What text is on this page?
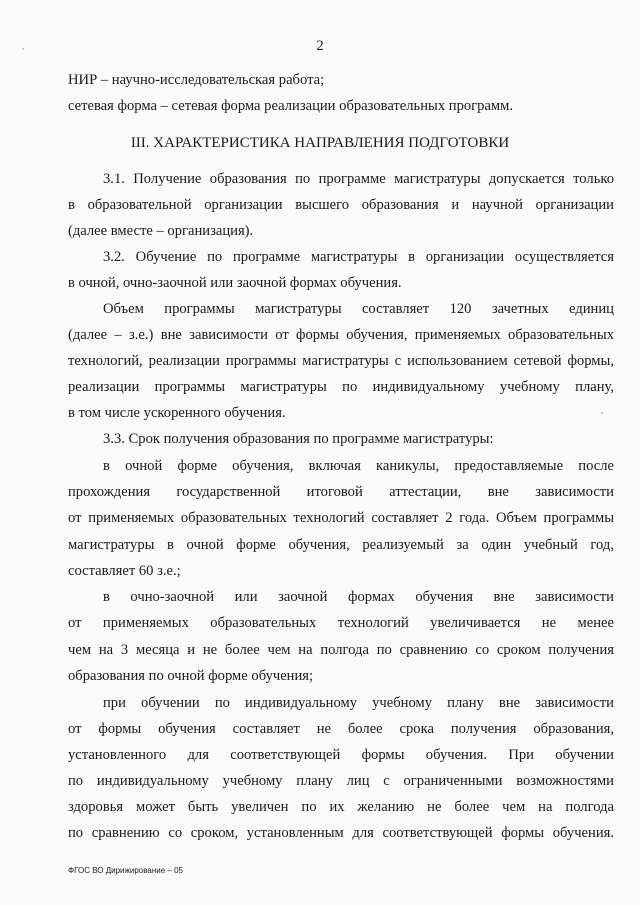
2
НИР – научно-исследовательская работа;
сетевая форма – сетевая форма реализации образовательных программ.
III. ХАРАКТЕРИСТИКА НАПРАВЛЕНИЯ ПОДГОТОВКИ
3.1. Получение образования по программе магистратуры допускается только
в образовательной организации высшего образования и научной организации
(далее вместе – организация).
3.2. Обучение по программе магистратуры в организации осуществляется
в очной, очно-заочной или заочной формах обучения.
Объем программы магистратуры составляет 120 зачетных единиц
(далее – з.е.) вне зависимости от формы обучения, применяемых образовательных
технологий, реализации программы магистратуры с использованием сетевой формы,
реализации программы магистратуры по индивидуальному учебному плану,
в том числе ускоренного обучения.
3.3. Срок получения образования по программе магистратуры:
в очной форме обучения, включая каникулы, предоставляемые после
прохождения государственной итоговой аттестации, вне зависимости
от применяемых образовательных технологий составляет 2 года. Объем программы
магистратуры в очной форме обучения, реализуемый за один учебный год,
составляет 60 з.е.;
в очно-заочной или заочной формах обучения вне зависимости
от применяемых образовательных технологий увеличивается не менее
чем на 3 месяца и не более чем на полгода по сравнению со сроком получения
образования по очной форме обучения;
при обучении по индивидуальному учебному плану вне зависимости
от формы обучения составляет не более срока получения образования,
установленного для соответствующей формы обучения. При обучении
по индивидуальному учебному плану лиц с ограниченными возможностями
здоровья может быть увеличен по их желанию не более чем на полгода
по сравнению со сроком, установленным для соответствующей формы обучения.
ФГОС ВО Дирижирование – 05
